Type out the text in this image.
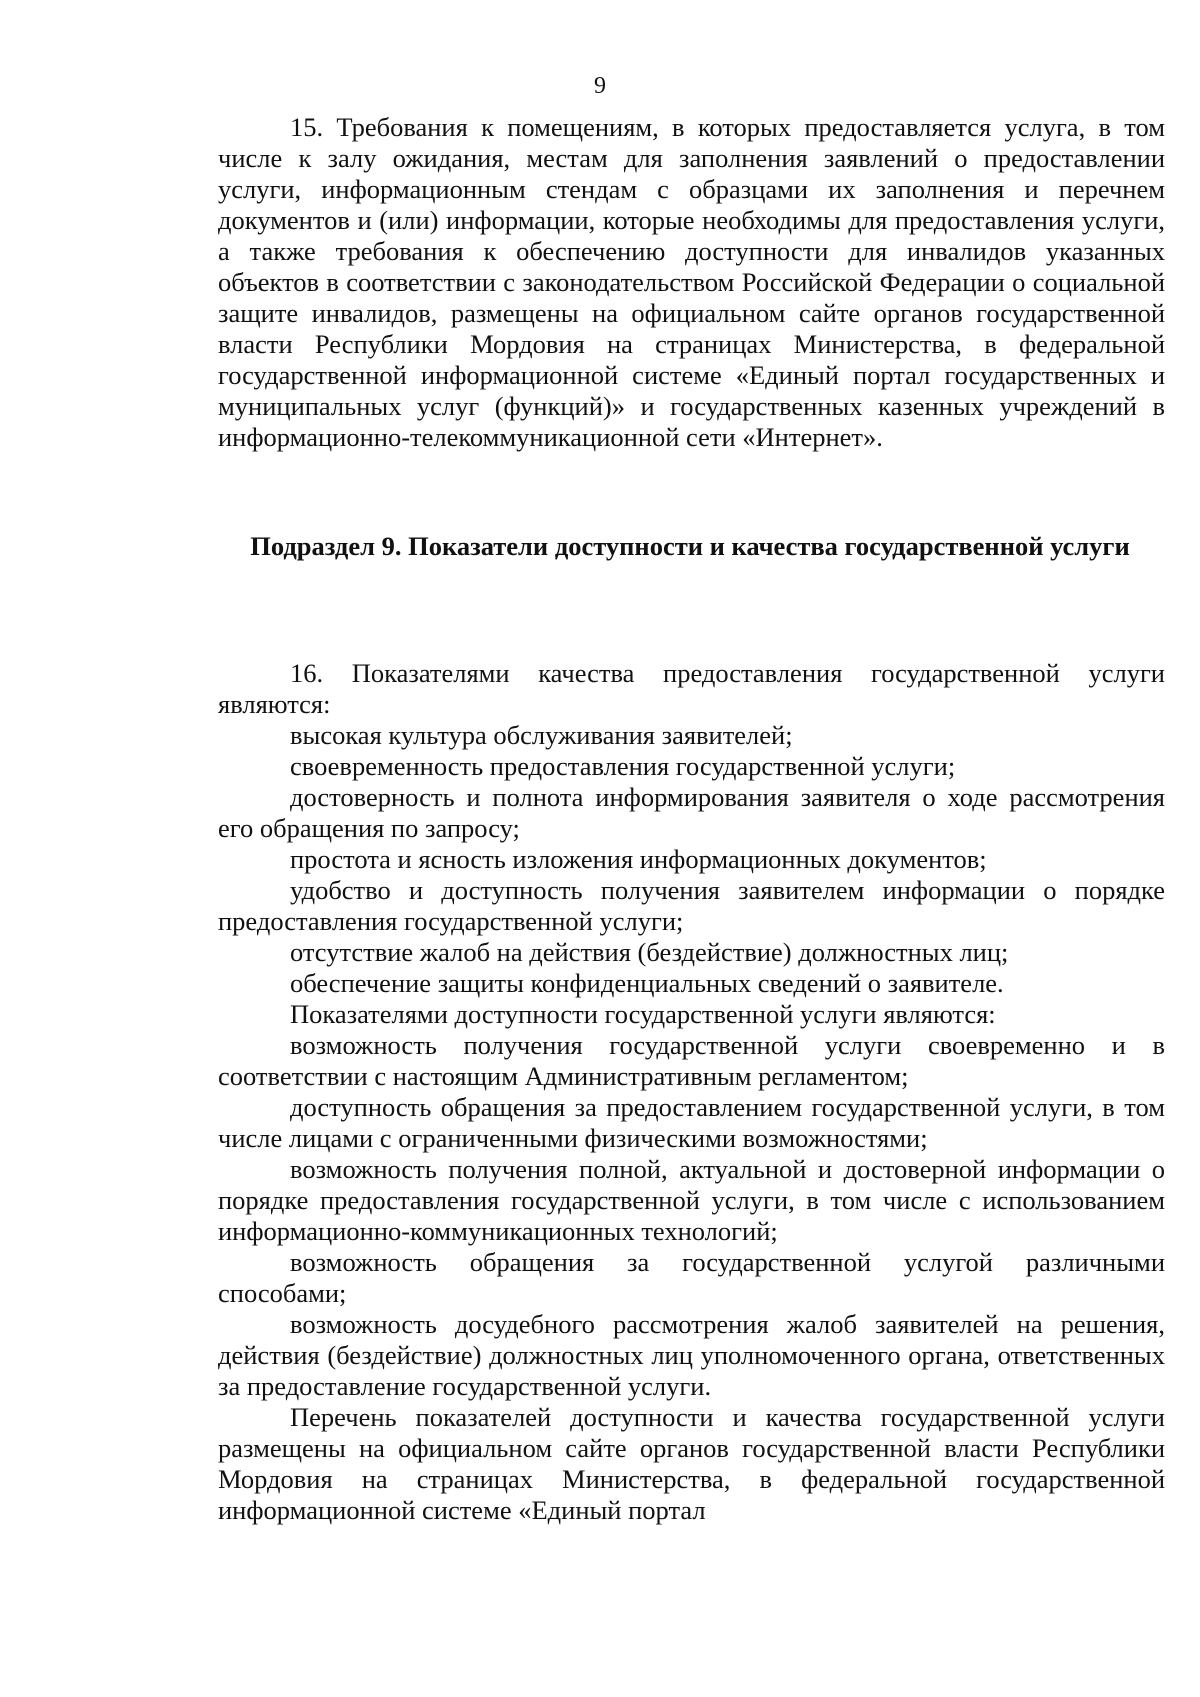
9

15. Требования к помещениям, в которых предоставляется услуга, в том числе к залу ожидания, местам для заполнения заявлений о предоставлении услуги, информационным стендам с образцами их заполнения и перечнем документов и (или) информации, которые необходимы для предоставления услуги, а также требования к обеспечению доступности для инвалидов указанных объектов в соответствии с законодательством Российской Федерации о социальной защите инвалидов, размещены на официальном сайте органов государственной власти Республики Мордовия на страницах Министерства, в федеральной государственной информационной системе «Единый портал государственных и муниципальных услуг (функций)» и государственных казенных учреждений в информационно-телекоммуникационной сети «Интернет».

Подраздел 9. Показатели доступности и качества государственной услуги

16. Показателями качества предоставления государственной услуги являются:

высокая культура обслуживания заявителей;

своевременность предоставления государственной услуги;

достоверность и полнота информирования заявителя о ходе рассмотрения его обращения по запросу;

простота и ясность изложения информационных документов;

удобство и доступность получения заявителем информации о порядке предоставления государственной услуги;

отсутствие жалоб на действия (бездействие) должностных лиц;

обеспечение защиты конфиденциальных сведений о заявителе.

Показателями доступности государственной услуги являются:

возможность получения государственной услуги своевременно и в соответствии с настоящим Административным регламентом;

доступность обращения за предоставлением государственной услуги, в том числе лицами с ограниченными физическими возможностями;

возможность получения полной, актуальной и достоверной информации о порядке предоставления государственной услуги, в том числе с использованием информационно-коммуникационных технологий;

возможность обращения за государственной услугой различными способами;

возможность досудебного рассмотрения жалоб заявителей на решения, действия (бездействие) должностных лиц уполномоченного органа, ответственных за предоставление государственной услуги.

Перечень показателей доступности и качества государственной услуги размещены на официальном сайте органов государственной власти Республики Мордовия на страницах Министерства, в федеральной государственной информационной системе «Единый портал
